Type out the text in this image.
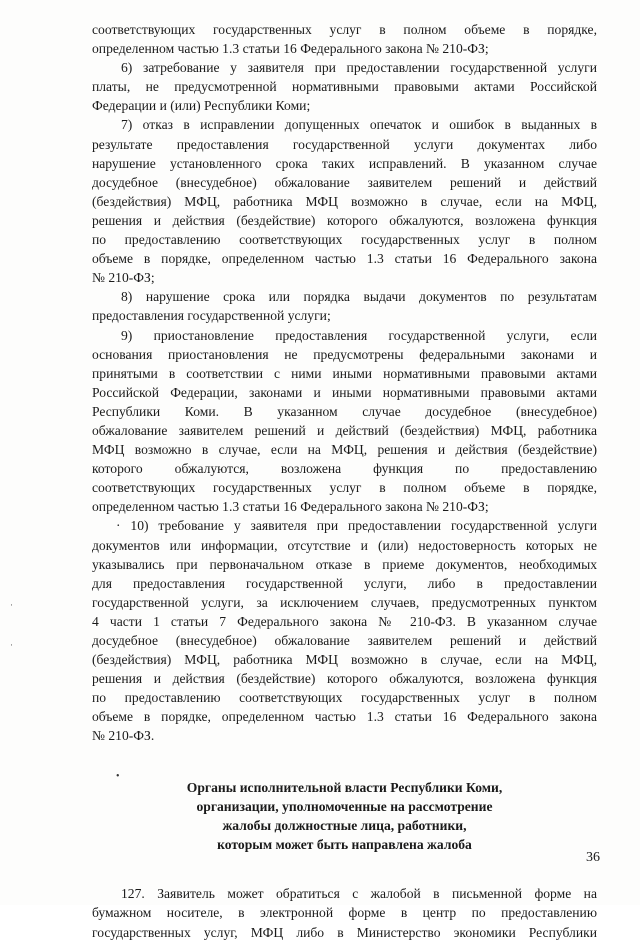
·
·
соответствующих государственных услуг в полном объеме в порядке,
определенном частью 1.3 статьи 16 Федерального закона № 210-ФЗ;
6) затребование у заявителя при предоставлении государственной услуги
платы, не предусмотренной нормативными правовыми актами Российской
Федерации и (или) Республики Коми;
7) отказ в исправлении допущенных опечаток и ошибок в выданных в
результате предоставления государственной услуги документах либо
нарушение установленного срока таких исправлений. В указанном случае
досудебное (внесудебное) обжалование заявителем решений и действий
(бездействия) МФЦ, работника МФЦ возможно в случае, если на МФЦ,
решения и действия (бездействие) которого обжалуются, возложена функция
по предоставлению соответствующих государственных услуг в полном
объеме в порядке, определенном частью 1.3 статьи 16 Федерального закона
№ 210-ФЗ;
8) нарушение срока или порядка выдачи документов по результатам
предоставления государственной услуги;
9) приостановление предоставления государственной услуги, если
основания приостановления не предусмотрены федеральными законами и
принятыми в соответствии с ними иными нормативными правовыми актами
Российской Федерации, законами и иными нормативными правовыми актами
Республики Коми. В указанном случае досудебное (внесудебное)
обжалование заявителем решений и действий (бездействия) МФЦ, работника
МФЦ возможно в случае, если на МФЦ, решения и действия (бездействие)
которого обжалуются, возложена функция по предоставлению
соответствующих государственных услуг в полном объеме в порядке,
определенном частью 1.3 статьи 16 Федерального закона № 210-ФЗ;
· 10) требование у заявителя при предоставлении государственной услуги
документов или информации, отсутствие и (или) недостоверность которых не
указывались при первоначальном отказе в приеме документов, необходимых
для предоставления государственной услуги, либо в предоставлении
государственной услуги, за исключением случаев, предусмотренных пунктом
4 части 1 статьи 7 Федерального закона № 210-ФЗ. В указанном случае
досудебное (внесудебное) обжалование заявителем решений и действий
(бездействия) МФЦ, работника МФЦ возможно в случае, если на МФЦ,
решения и действия (бездействие) которого обжалуются, возложена функция
по предоставлению соответствующих государственных услуг в полном
объеме в порядке, определенном частью 1.3 статьи 16 Федерального закона
№ 210-ФЗ.
Органы исполнительной власти Республики Коми,
организации, уполномоченные на рассмотрение
жалобы должностные лица, работники,
которым может быть направлена жалоба
127. Заявитель может обратиться с жалобой в письменной форме на
бумажном носителе, в электронной форме в центр по предоставлению
государственных услуг, МФЦ либо в Министерство экономики Республики
•
36
